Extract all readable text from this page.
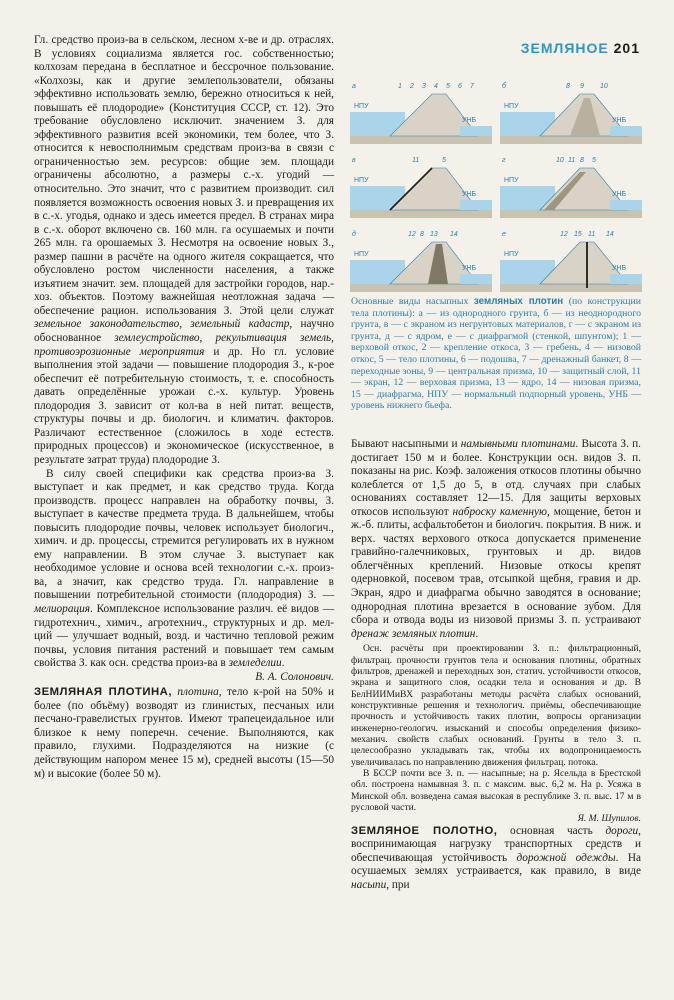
ЗЕМЛЯНОЕ 201

Гл. средство произ-ва в сельском, лесном х-ве и др. отраслях. В условиях социализма является гос. собственностью; колхозам передана в бесплатное и бессрочное пользование. «Колхозы, как и другие землепользователи, обязаны эффективно использовать землю, бережно относиться к ней, повышать её плодородие» (Конституция СССР, ст. 12). Это требование обусловлено исключит. значением З. для эффективного развития всей экономики, тем более, что З. относится к невосполнимым средствам произ-ва в связи с ограниченностью зем. ресурсов: общие зем. площади ограничены абсолютно, а размеры с.-х. угодий — относительно. Это значит, что с развитием производит. сил появляется возможность освоения новых З. и превращения их в с.-х. угодья, однако и здесь имеется предел. В странах мира в с.-х. оборот включено св. 160 млн. га осушаемых и почти 265 млн. га орошаемых З. Несмотря на освоение новых З., размер пашни в расчёте на одного жителя сокращается, что обусловлено ростом численности населения, а также изъятием значит. зем. площадей для застройки городов, нар.-хоз. объектов. Поэтому важнейшая неотложная задача — обеспечение рацион. использования З. Этой цели служат земельное законодательство, земельный кадастр, научно обоснованное землеустройство, рекультивация земель, противоэрозионные мероприятия и др. Но гл. условие выполнения этой задачи — повышение плодородия З., к-рое обеспечит её потребительную стоимость, т. е. способность давать определённые урожаи с.-х. культур. Уровень плодородия З. зависит от кол-ва в ней питат. веществ, структуры почвы и др. биологич. и климатич. факторов. Различают естественное (сложилось в ходе естеств. природных процессов) и экономическое (искусственное, в результате затрат труда) плодородие З.

В силу своей специфики как средства произ-ва З. выступает и как предмет, и как средство труда. Когда производств. процесс направлен на обработку почвы, З. выступает в качестве предмета труда. В дальнейшем, чтобы повысить плодородие почвы, человек использует биологич., химич. и др. процессы, стремится регулировать их в нужном ему направлении. В этом случае З. выступает как необходимое условие и основа всей технологии с.-х. произ-ва, а значит, как средство труда. Гл. направление в повышении потребительной стоимости (плодородия) З. — мелиорация. Комплексное использование различ. её видов — гидротехнич., химич., агротехнич., структурных и др. мел-ций — улучшает водный, возд. и частично тепловой режим почвы, условия питания растений и повышает тем самым свойства З. как осн. средства произ-ва в земледелии.

В. А. Солонович.

ЗЕМЛЯНАЯ ПЛОТИНА, плотина, тело к-рой на 50% и более (по объёму) возводят из глинистых, песчаных или песчано-гравелистых грунтов. Имеют трапецеидальное или близкое к нему поперечн. сечение. Выполняются, как правило, глухими. Подразделяются на низкие (с действующим напором менее 15 м), средней высоты (15—50 м) и высокие (более 50 м).

а
НПУ
УНБ
1 2 3 4 5 6 7	б
НПУ
УНБ
8 9 10
в
НПУ
УНБ
11	5	г
НПУ
УНБ
10 11 8 5
д
НПУ
УНБ
12 8 13 14	е
НПУ
УНБ
12 15 11 14
Основные виды насыпных земляных плотин (по конструкции тела плотины): а — из однородного грунта, б — из неоднородного грунта, в — с экраном из негрунтовых материалов, г — с экраном из грунта, д — с ядром, е — с диафрагмой (стенкой, шпунтом); 1 — верховой откос, 2 — крепление откоса, 3 — гребень, 4 — низовой откос, 5 — тело плотины, 6 — подошва, 7 — дренажный банкет, 8 — переходные зоны, 9 — центральная призма, 10 — защитный слой, 11 — экран, 12 — верховая призма, 13 — ядро, 14 — низовая призма, 15 — диафрагма, НПУ — нормальный подпорный уровень, УНБ — уровень нижнего бьефа.

Бывают насыпными и намывными плотинами. Высота З. п. достигает 150 м и более. Конструкции осн. видов З. п. показаны на рис. Коэф. заложения откосов плотины обычно колеблется от 1,5 до 5, в отд. случаях при слабых основаниях составляет 12—15. Для защиты верховых откосов используют наброску каменную, мощение, бетон и ж.-б. плиты, асфальтобетон и биологич. покрытия. В ниж. и верх. частях верхового откоса допускается применение гравийно-галечниковых, грунтовых и др. видов облегчённых креплений. Низовые откосы крепят одерновкой, посевом трав, отсыпкой щебня, гравия и др. Экран, ядро и диафрагма обычно заводятся в основание; однородная плотина врезается в основание зубом. Для сбора и отвода воды из низовой призмы З. п. устраивают дренаж земляных плотин.

Осн. расчёты при проектировании З. п.: фильтрационный, фильтрац. прочности грунтов тела и основания плотины, обратных фильтров, дренажей и переходных зон, статич. устойчивости откосов, экрана и защитного слоя, осадки тела и основания и др. В БелНИИМиВХ разработаны методы расчёта слабых оснований, конструктивные решения и технологич. приёмы, обеспечивающие прочность и устойчивость таких плотин, вопросы организации инженерно-геологич. изысканий и способы определения физико-механич. свойств слабых оснований. Грунты в тело З. п. целесообразно укладывать так, чтобы их водопроницаемость увеличивалась по направлению движения фильтрац. потока.

В БССР почти все З. п. — насыпные; на р. Ясельда в Брестской обл. построена намывная З. п. с максим. выс. 6,2 м. На р. Усяжа в Минской обл. возведена самая высокая в республике З. п. выс. 17 м в русловой части.

Я. М. Шупилов.

ЗЕМЛЯНОЕ ПОЛОТНО, основная часть дороги, воспринимающая нагрузку транспортных средств и обеспечивающая устойчивость дорожной одежды. На осушаемых землях устраивается, как правило, в виде насыпи, при
